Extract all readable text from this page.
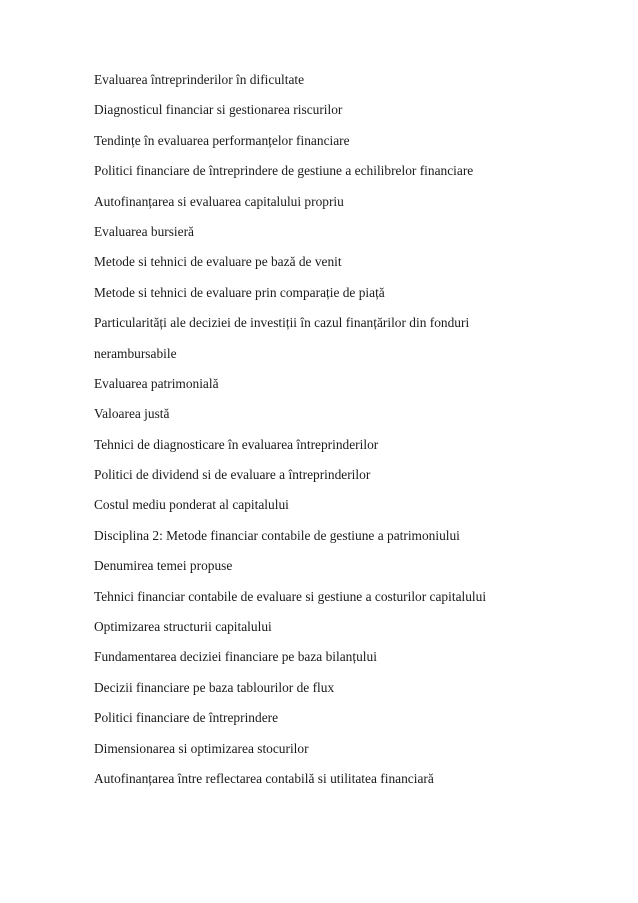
Evaluarea întreprinderilor în dificultate
Diagnosticul financiar si gestionarea riscurilor
Tendințe în evaluarea performanțelor financiare
Politici financiare de întreprindere de gestiune a echilibrelor financiare
Autofinanțarea si evaluarea capitalului propriu
Evaluarea bursieră
Metode si tehnici de evaluare pe bază de venit
Metode si tehnici de evaluare prin comparație de piață
Particularități ale deciziei de investiții în cazul finanțărilor din fonduri
nerambursabile
Evaluarea patrimonială
Valoarea justă
Tehnici de diagnosticare în evaluarea întreprinderilor
Politici de dividend si de evaluare a întreprinderilor
Costul mediu ponderat al capitalului
Disciplina 2: Metode financiar contabile de gestiune a patrimoniului
Denumirea temei propuse
Tehnici financiar contabile de evaluare si gestiune a costurilor capitalului
Optimizarea structurii capitalului
Fundamentarea deciziei financiare pe baza bilanțului
Decizii financiare pe baza tablourilor de flux
Politici financiare de întreprindere
Dimensionarea si optimizarea stocurilor
Autofinanțarea între reflectarea contabilă si utilitatea financiară
